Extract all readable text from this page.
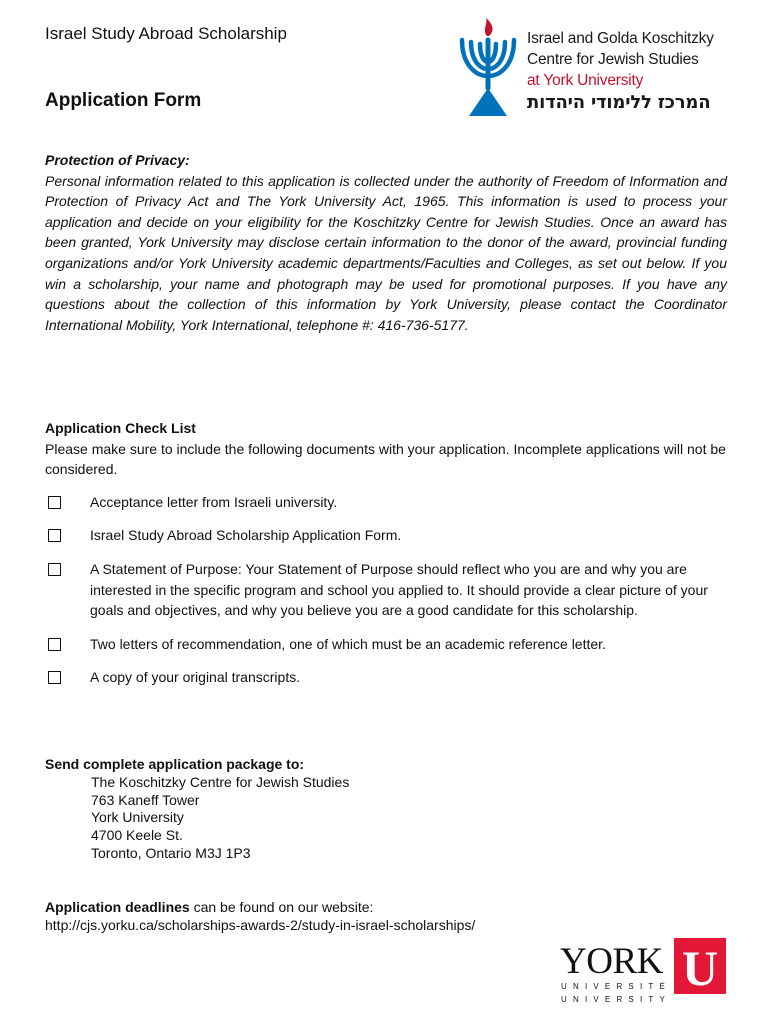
Israel Study Abroad Scholarship
Application Form
Israel and Golda Koschitzky
Centre for Jewish Studies
at York University
המרכז ללימודי היהדות
Protection of Privacy:

Personal information related to this application is collected under the authority of Freedom of Information and Protection of Privacy Act and The York University Act, 1965. This information is used to process your application and decide on your eligibility for the Koschitzky Centre for Jewish Studies. Once an award has been granted, York University may disclose certain information to the donor of the award, provincial funding organizations and/or York University academic departments/Faculties and Colleges, as set out below. If you win a scholarship, your name and photograph may be used for promotional purposes. If you have any questions about the collection of this information by York University, please contact the Coordinator International Mobility, York International, telephone #: 416-736-5177.

Application Check List

Please make sure to include the following documents with your application. Incomplete applications will not be considered.

Acceptance letter from Israeli university.
Israel Study Abroad Scholarship Application Form.
A Statement of Purpose: Your Statement of Purpose should reflect who you are and why you are interested in the specific program and school you applied to. It should provide a clear picture of your goals and objectives, and why you believe you are a good candidate for this scholarship.
Two letters of recommendation, one of which must be an academic reference letter.
A copy of your original transcripts.
Send complete application package to:
The Koschitzky Centre for Jewish Studies
763 Kaneff Tower
York University
4700 Keele St.
Toronto, Ontario M3J 1P3
Application deadlines can be found on our website:
http://cjs.yorku.ca/scholarships-awards-2/study-in-israel-scholarships/
YORK
UNIVERSITÉ
UNIVERSITY
U
